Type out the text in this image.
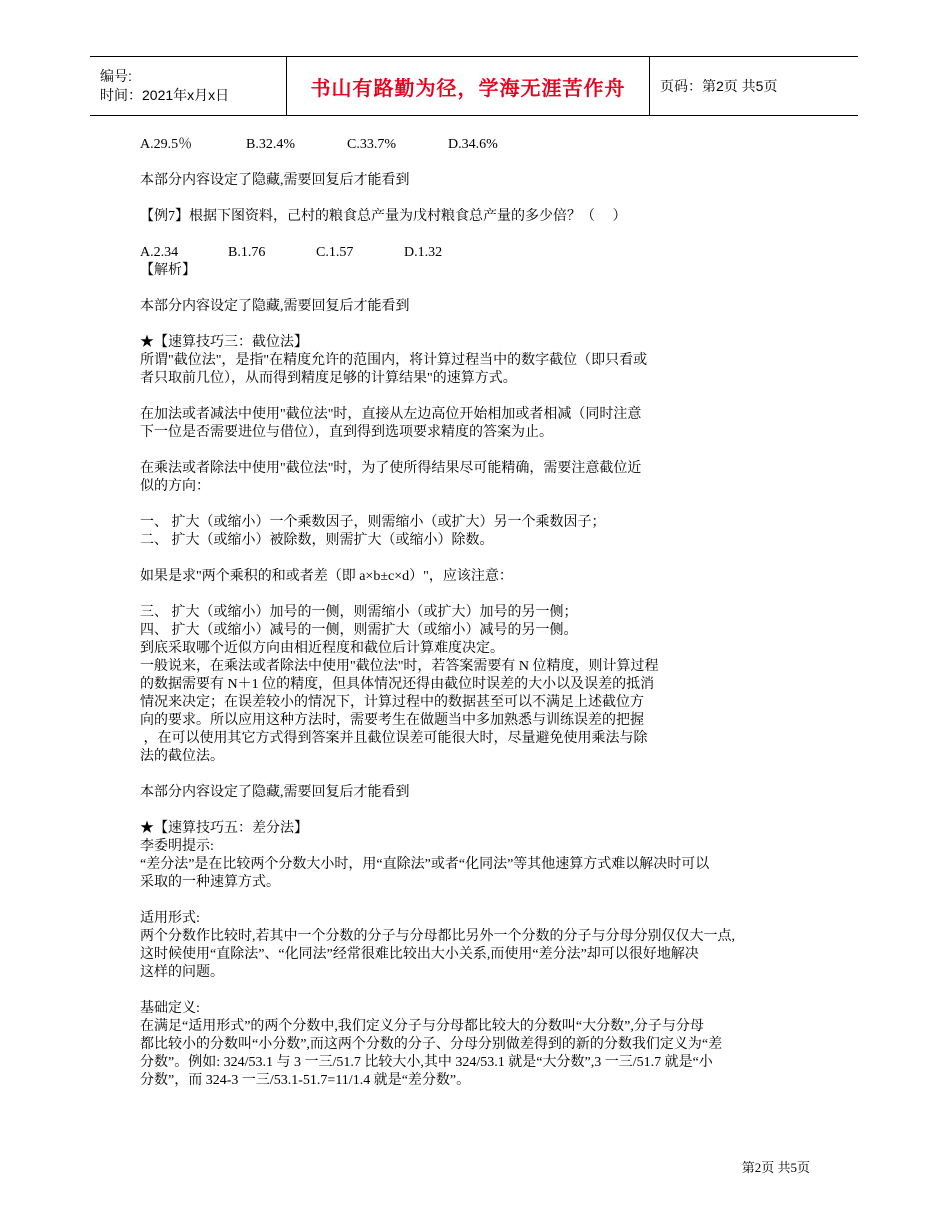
编号:
时间：2021年x月x日	书山有路勤为径，学海无涯苦作舟 页码：第2页 共5页
A.29.5％	B.32.4%	C.33.7%	D.34.6%

本部分内容设定了隐藏,需要回复后才能看到

【例7】根据下图资料，己村的粮食总产量为戊村粮食总产量的多少倍？（　 ）

A.2.34	B.1.76	C.1.57	D.1.32

【解析】

本部分内容设定了隐藏,需要回复后才能看到

★【速算技巧三：截位法】

所谓"截位法"，是指"在精度允许的范围内，将计算过程当中的数字截位（即只看或

者只取前几位），从而得到精度足够的计算结果"的速算方式。

在加法或者减法中使用"截位法"时，直接从左边高位开始相加或者相减（同时注意

下一位是否需要进位与借位），直到得到选项要求精度的答案为止。

在乘法或者除法中使用"截位法"时，为了使所得结果尽可能精确，需要注意截位近

似的方向：

一、 扩大（或缩小）一个乘数因子，则需缩小（或扩大）另一个乘数因子；

二、 扩大（或缩小）被除数，则需扩大（或缩小）除数。

如果是求"两个乘积的和或者差（即 a×b±c×d）"，应该注意：

三、 扩大（或缩小）加号的一侧，则需缩小（或扩大）加号的另一侧；

四、 扩大（或缩小）减号的一侧，则需扩大（或缩小）减号的另一侧。

到底采取哪个近似方向由相近程度和截位后计算难度决定。

一般说来，在乘法或者除法中使用"截位法"时，若答案需要有 N 位精度，则计算过程

的数据需要有 N＋1 位的精度，但具体情况还得由截位时误差的大小以及误差的抵消

情况来决定；在误差较小的情况下，计算过程中的数据甚至可以不满足上述截位方

向的要求。所以应用这种方法时，需要考生在做题当中多加熟悉与训练误差的把握

，在可以使用其它方式得到答案并且截位误差可能很大时，尽量避免使用乘法与除

法的截位法。

本部分内容设定了隐藏,需要回复后才能看到

★【速算技巧五：差分法】

李委明提示:

“差分法”是在比较两个分数大小时，用“直除法”或者“化同法”等其他速算方式难以解决时可以

采取的一种速算方式。

适用形式:

两个分数作比较时,若其中一个分数的分子与分母都比另外一个分数的分子与分母分别仅仅大一点,

这时候使用“直除法”、“化同法”经常很难比较出大小关系,而使用“差分法”却可以很好地解决

这样的问题。

基础定义:

在满足“适用形式”的两个分数中,我们定义分子与分母都比较大的分数叫“大分数”,分子与分母

都比较小的分数叫“小分数”,而这两个分数的分子、分母分别做差得到的新的分数我们定义为“差

分数”。例如: 324/53.1 与 3 一三/51.7 比较大小,其中 324/53.1 就是“大分数”,3 一三/51.7 就是“小

分数”，而 324-3 一三/53.1-51.7=11/1.4 就是“差分数”。

第2页 共5页
